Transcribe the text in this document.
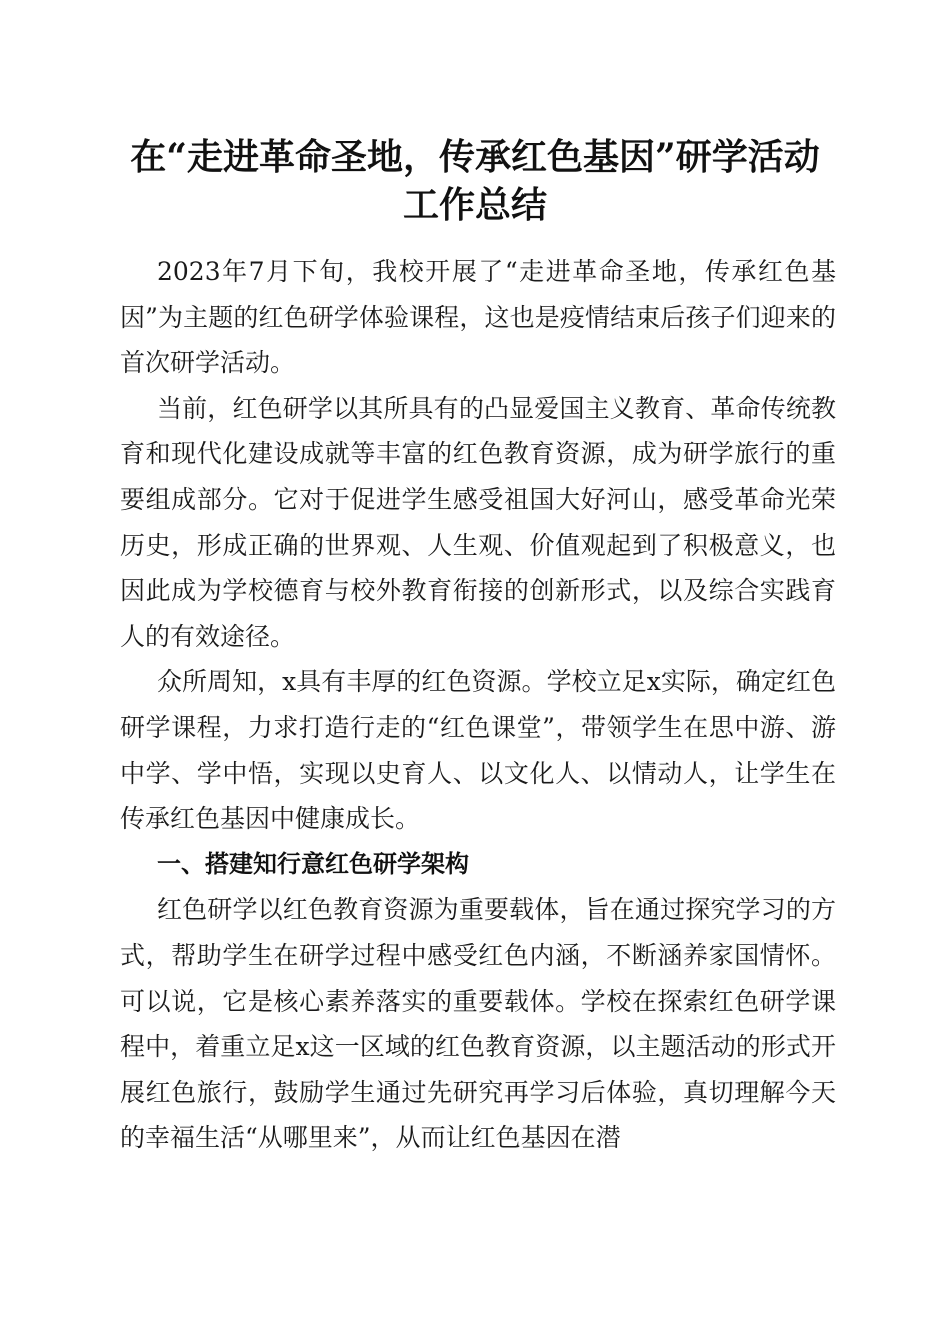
在“走进革命圣地，传承红色基因”研学活动

工作总结

2023年7月下旬，我校开展了“走进革命圣地，传承红色基因”为主题的红色研学体验课程，这也是疫情结束后孩子们迎来的首次研学活动。

当前，红色研学以其所具有的凸显爱国主义教育、革命传统教育和现代化建设成就等丰富的红色教育资源，成为研学旅行的重要组成部分。它对于促进学生感受祖国大好河山，感受革命光荣历史，形成正确的世界观、人生观、价值观起到了积极意义，也因此成为学校德育与校外教育衔接的创新形式，以及综合实践育人的有效途径。

众所周知，x具有丰厚的红色资源。学校立足x实际，确定红色研学课程，力求打造行走的“红色课堂”，带领学生在思中游、游中学、学中悟，实现以史育人、以文化人、以情动人，让学生在传承红色基因中健康成长。

一、搭建知行意红色研学架构

红色研学以红色教育资源为重要载体，旨在通过探究学习的方式，帮助学生在研学过程中感受红色内涵，不断涵养家国情怀。可以说，它是核心素养落实的重要载体。学校在探索红色研学课程中，着重立足x这一区域的红色教育资源，以主题活动的形式开展红色旅行，鼓励学生通过先研究再学习后体验，真切理解今天的幸福生活“从哪里来”，从而让红色基因在潜
